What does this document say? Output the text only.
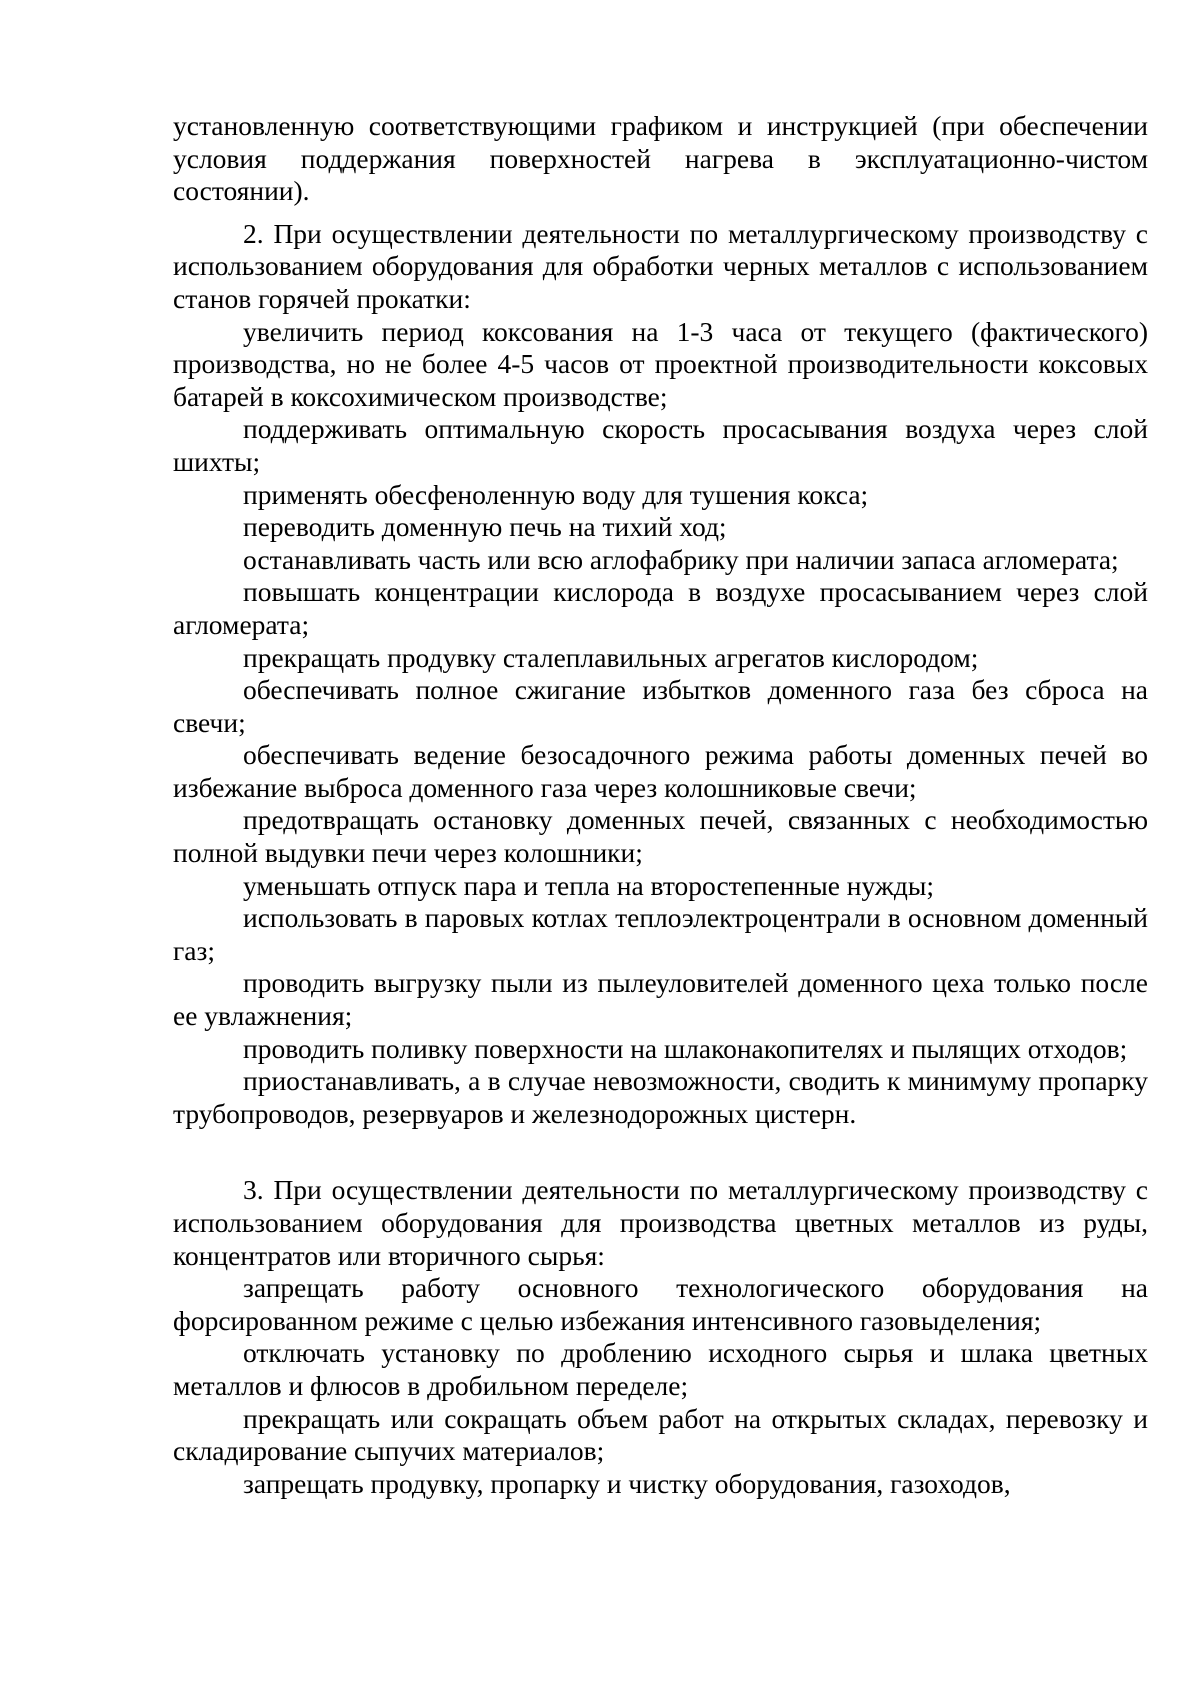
установленную соответствующими графиком и инструкцией (при обеспечении условия поддержания поверхностей нагрева в эксплуатационно-чистом состоянии).

2. При осуществлении деятельности по металлургическому производству с использованием оборудования для обработки черных металлов с использованием станов горячей прокатки:

увеличить период коксования на 1-3 часа от текущего (фактического) производства, но не более 4-5 часов от проектной производительности коксовых батарей в коксохимическом производстве;

поддерживать оптимальную скорость просасывания воздуха через слой шихты;

применять обесфеноленную воду для тушения кокса;

переводить доменную печь на тихий ход;

останавливать часть или всю аглофабрику при наличии запаса агломерата;

повышать концентрации кислорода в воздухе просасыванием через слой агломерата;

прекращать продувку сталеплавильных агрегатов кислородом;

обеспечивать полное сжигание избытков доменного газа без сброса на свечи;

обеспечивать ведение безосадочного режима работы доменных печей во избежание выброса доменного газа через колошниковые свечи;

предотвращать остановку доменных печей, связанных с необходимостью полной выдувки печи через колошники;

уменьшать отпуск пара и тепла на второстепенные нужды;

использовать в паровых котлах теплоэлектроцентрали в основном доменный газ;

проводить выгрузку пыли из пылеуловителей доменного цеха только после ее увлажнения;

проводить поливку поверхности на шлаконакопителях и пылящих отходов;

приостанавливать, а в случае невозможности, сводить к минимуму пропарку трубопроводов, резервуаров и железнодорожных цистерн.

3. При осуществлении деятельности по металлургическому производству с использованием оборудования для производства цветных металлов из руды, концентратов или вторичного сырья:

запрещать работу основного технологического оборудования на форсированном режиме с целью избежания интенсивного газовыделения;

отключать установку по дроблению исходного сырья и шлака цветных металлов и флюсов в дробильном переделе;

прекращать или сокращать объем работ на открытых складах, перевозку и складирование сыпучих материалов;

запрещать продувку, пропарку и чистку оборудования, газоходов,
